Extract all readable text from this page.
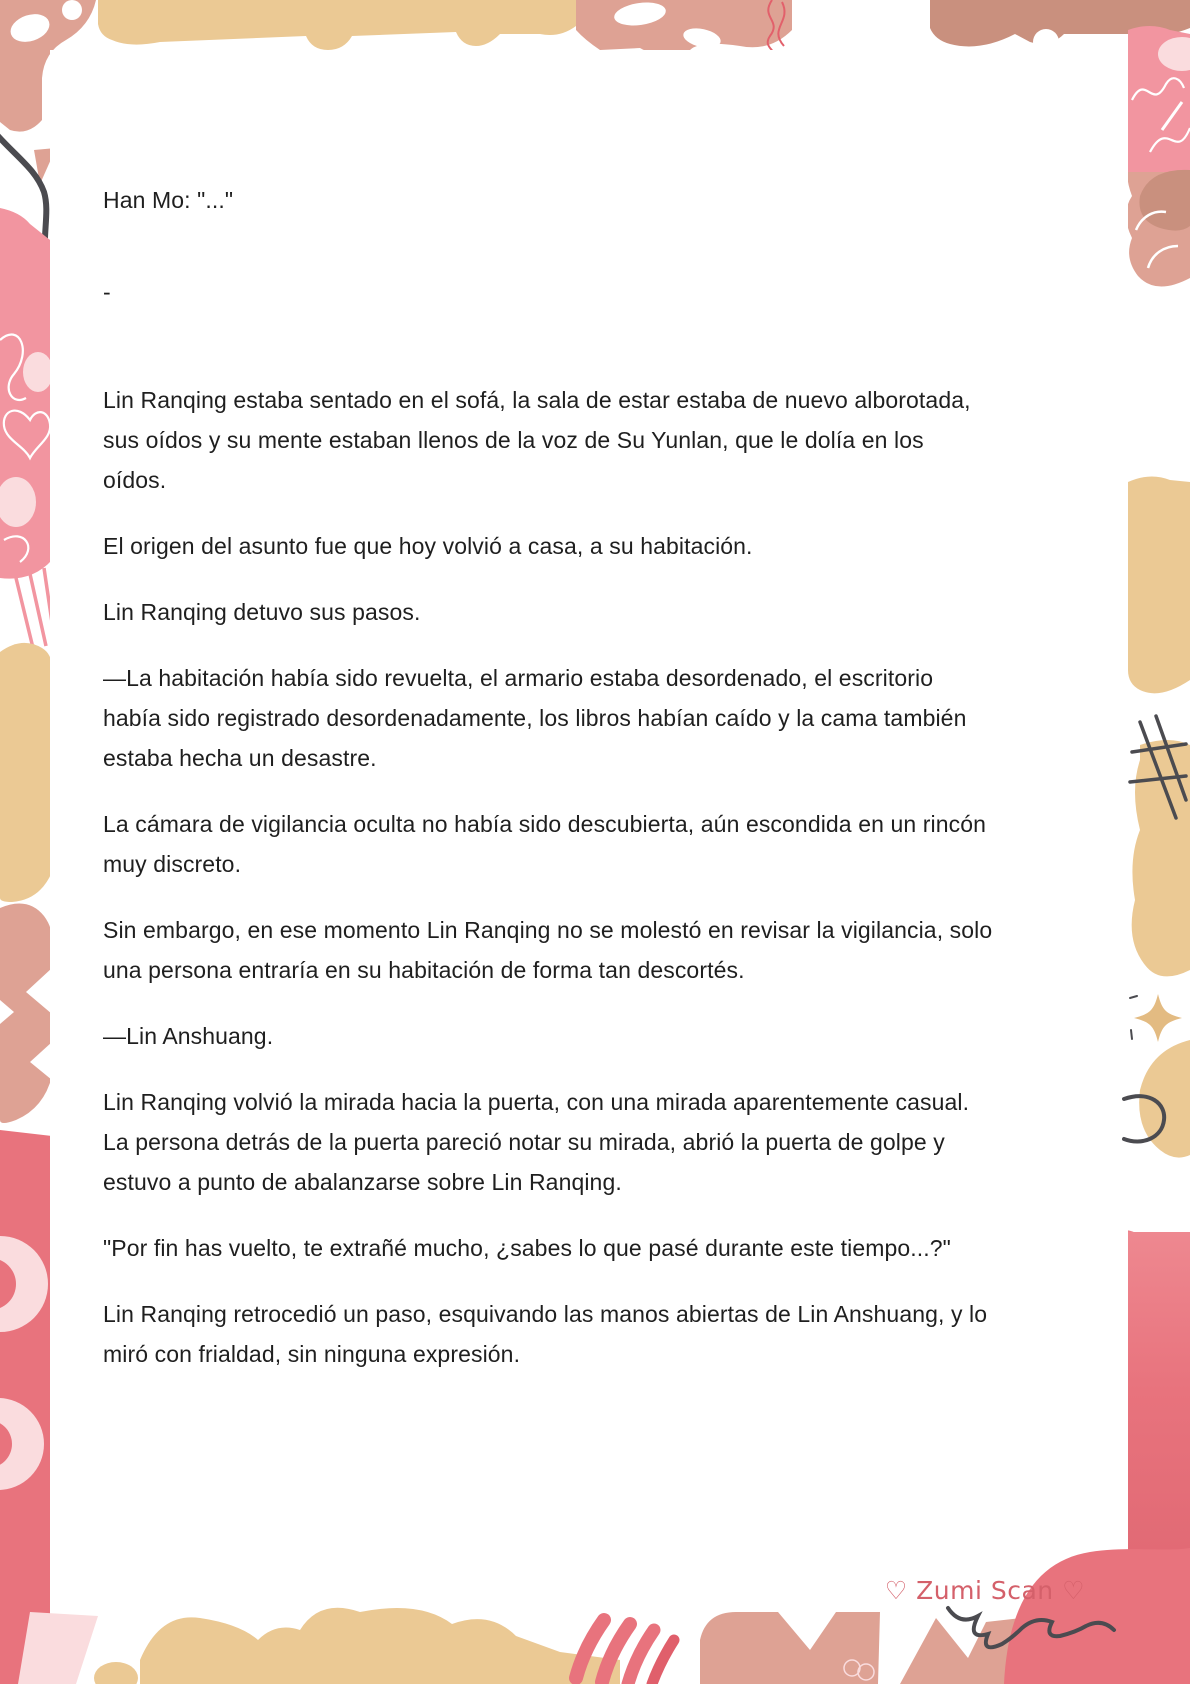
Han Mo: "..."

-

Lin Ranqing estaba sentado en el sofá, la sala de estar estaba de nuevo alborotada, sus oídos y su mente estaban llenos de la voz de Su Yunlan, que le dolía en los oídos.

El origen del asunto fue que hoy volvió a casa, a su habitación.

Lin Ranqing detuvo sus pasos.

—La habitación había sido revuelta, el armario estaba desordenado, el escritorio había sido registrado desordenadamente, los libros habían caído y la cama también estaba hecha un desastre.

La cámara de vigilancia oculta no había sido descubierta, aún escondida en un rincón muy discreto.

Sin embargo, en ese momento Lin Ranqing no se molestó en revisar la vigilancia, solo una persona entraría en su habitación de forma tan descortés.

—Lin Anshuang.

Lin Ranqing volvió la mirada hacia la puerta, con una mirada aparentemente casual. La persona detrás de la puerta pareció notar su mirada, abrió la puerta de golpe y estuvo a punto de abalanzarse sobre Lin Ranqing.

"Por fin has vuelto, te extrañé mucho, ¿sabes lo que pasé durante este tiempo...?"

Lin Ranqing retrocedió un paso, esquivando las manos abiertas de Lin Anshuang, y lo miró con frialdad, sin ninguna expresión.

♡ Zumi Scan ♡
